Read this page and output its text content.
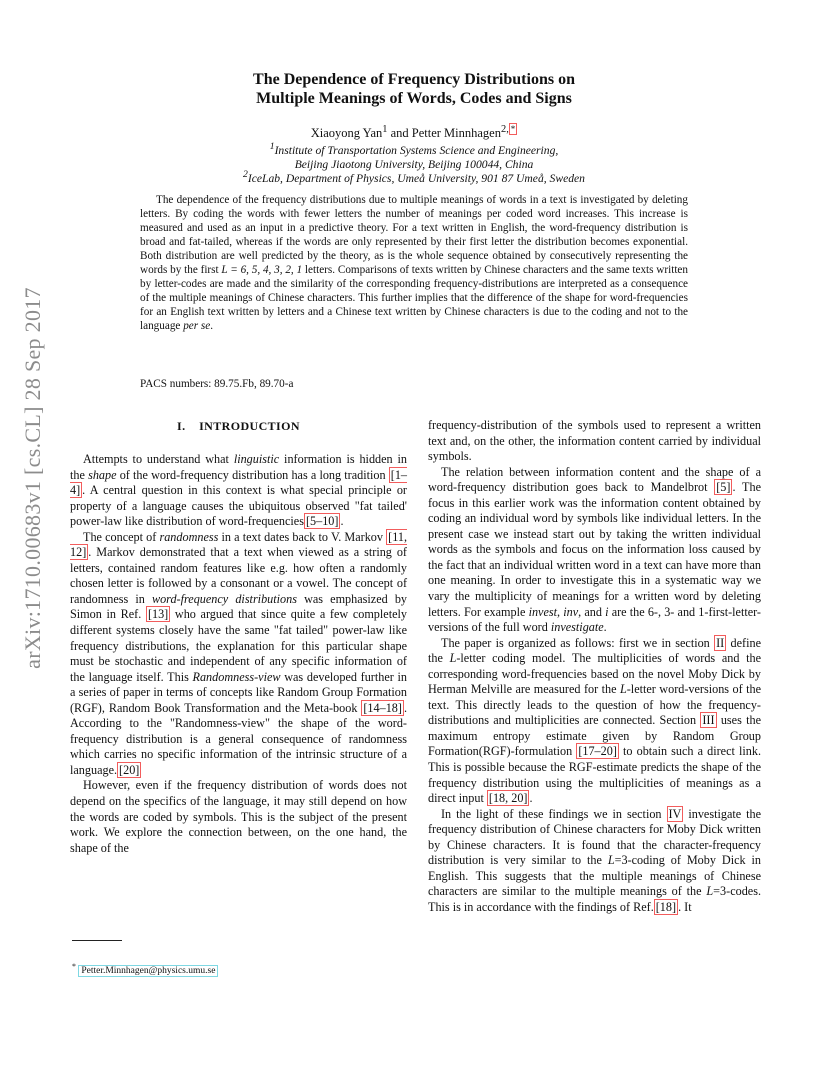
arXiv:1710.00683v1 [cs.CL] 28 Sep 2017
The Dependence of Frequency Distributions on
Multiple Meanings of Words, Codes and Signs
Xiaoyong Yan$^1$ and Petter Minnhagen$^{2,}$ *
$^1$Institute of Transportation Systems Science and Engineering,
Beijing Jiaotong University, Beijing 100044, China
$^2$IceLab, Department of Physics, Umeå University, 901 87 Umeå, Sweden
The dependence of the frequency distributions due to multiple meanings of words in a text is investigated by deleting letters. By coding the words with fewer letters the number of meanings per coded word increases. This increase is measured and used as an input in a predictive theory. For a text written in English, the word-frequency distribution is broad and fat-tailed, whereas if the words are only represented by their first letter the distribution becomes exponential. Both distribution are well predicted by the theory, as is the whole sequence obtained by consecutively representing the words by the first L = 6, 5, 4, 3, 2, 1 letters. Comparisons of texts written by Chinese characters and the same texts written by letter-codes are made and the similarity of the corresponding frequency-distributions are interpreted as a consequence of the multiple meanings of Chinese characters. This further implies that the difference of the shape for word-frequencies for an English text written by letters and a Chinese text written by Chinese characters is due to the coding and not to the language per se.
PACS numbers: 89.75.Fb, 89.70-a
I.    INTRODUCTION

Attempts to understand what linguistic information is hidden in the shape of the word-frequency distribution has a long tradition [1–4] . A central question in this context is what special principle or property of a language causes the ubiquitous observed "fat tailed' power-law like distribution of word-frequencies [5–10] .

The concept of randomness in a text dates back to V. Markov [11, 12] . Markov demonstrated that a text when viewed as a string of letters, contained random features like e.g. how often a randomly chosen letter is followed by a consonant or a vowel. The concept of randomness in word-frequency distributions was emphasized by Simon in Ref. [13] who argued that since quite a few completely different systems closely have the same "fat tailed" power-law like frequency distributions, the explanation for this particular shape must be stochastic and independent of any specific information of the language itself. This Randomness-view was developed further in a series of paper in terms of concepts like Random Group Formation (RGF), Random Book Transformation and the Meta-book [14–18] . According to the "Randomness-view" the shape of the word-frequency distribution is a general consequence of randomness which carries no specific information of the intrinsic structure of a language. [20]

However, even if the frequency distribution of words does not depend on the specifics of the language, it may still depend on how the words are coded by symbols. This is the subject of the present work. We explore the connection between, on the one hand, the shape of the

frequency-distribution of the symbols used to represent a written text and, on the other, the information content carried by individual symbols.

The relation between information content and the shape of a word-frequency distribution goes back to Mandelbrot [5] . The focus in this earlier work was the information content obtained by coding an individual word by symbols like individual letters. In the present case we instead start out by taking the written individual words as the symbols and focus on the information loss caused by the fact that an individual written word in a text can have more than one meaning. In order to investigate this in a systematic way we vary the multiplicity of meanings for a written word by deleting letters. For example invest, inv, and i are the 6-, 3- and 1-first-letter-versions of the full word investigate.

The paper is organized as follows: first we in section II define the L-letter coding model. The multiplicities of words and the corresponding word-frequencies based on the novel Moby Dick by Herman Melville are measured for the L-letter word-versions of the text. This directly leads to the question of how the frequency-distributions and multiplicities are connected. Section III uses the maximum entropy estimate given by Random Group Formation(RGF)-formulation [17–20] to obtain such a direct link. This is possible because the RGF-estimate predicts the shape of the frequency distribution using the multiplicities of meanings as a direct input [18, 20] .

In the light of these findings we in section IV investigate the frequency distribution of Chinese characters for Moby Dick written by Chinese characters. It is found that the character-frequency distribution is very similar to the L=3-coding of Moby Dick in English. This suggests that the multiple meanings of Chinese characters are similar to the multiple meanings of the L=3-codes. This is in accordance with the findings of Ref. [18] . It

* Petter.Minnhagen@physics.umu.se
